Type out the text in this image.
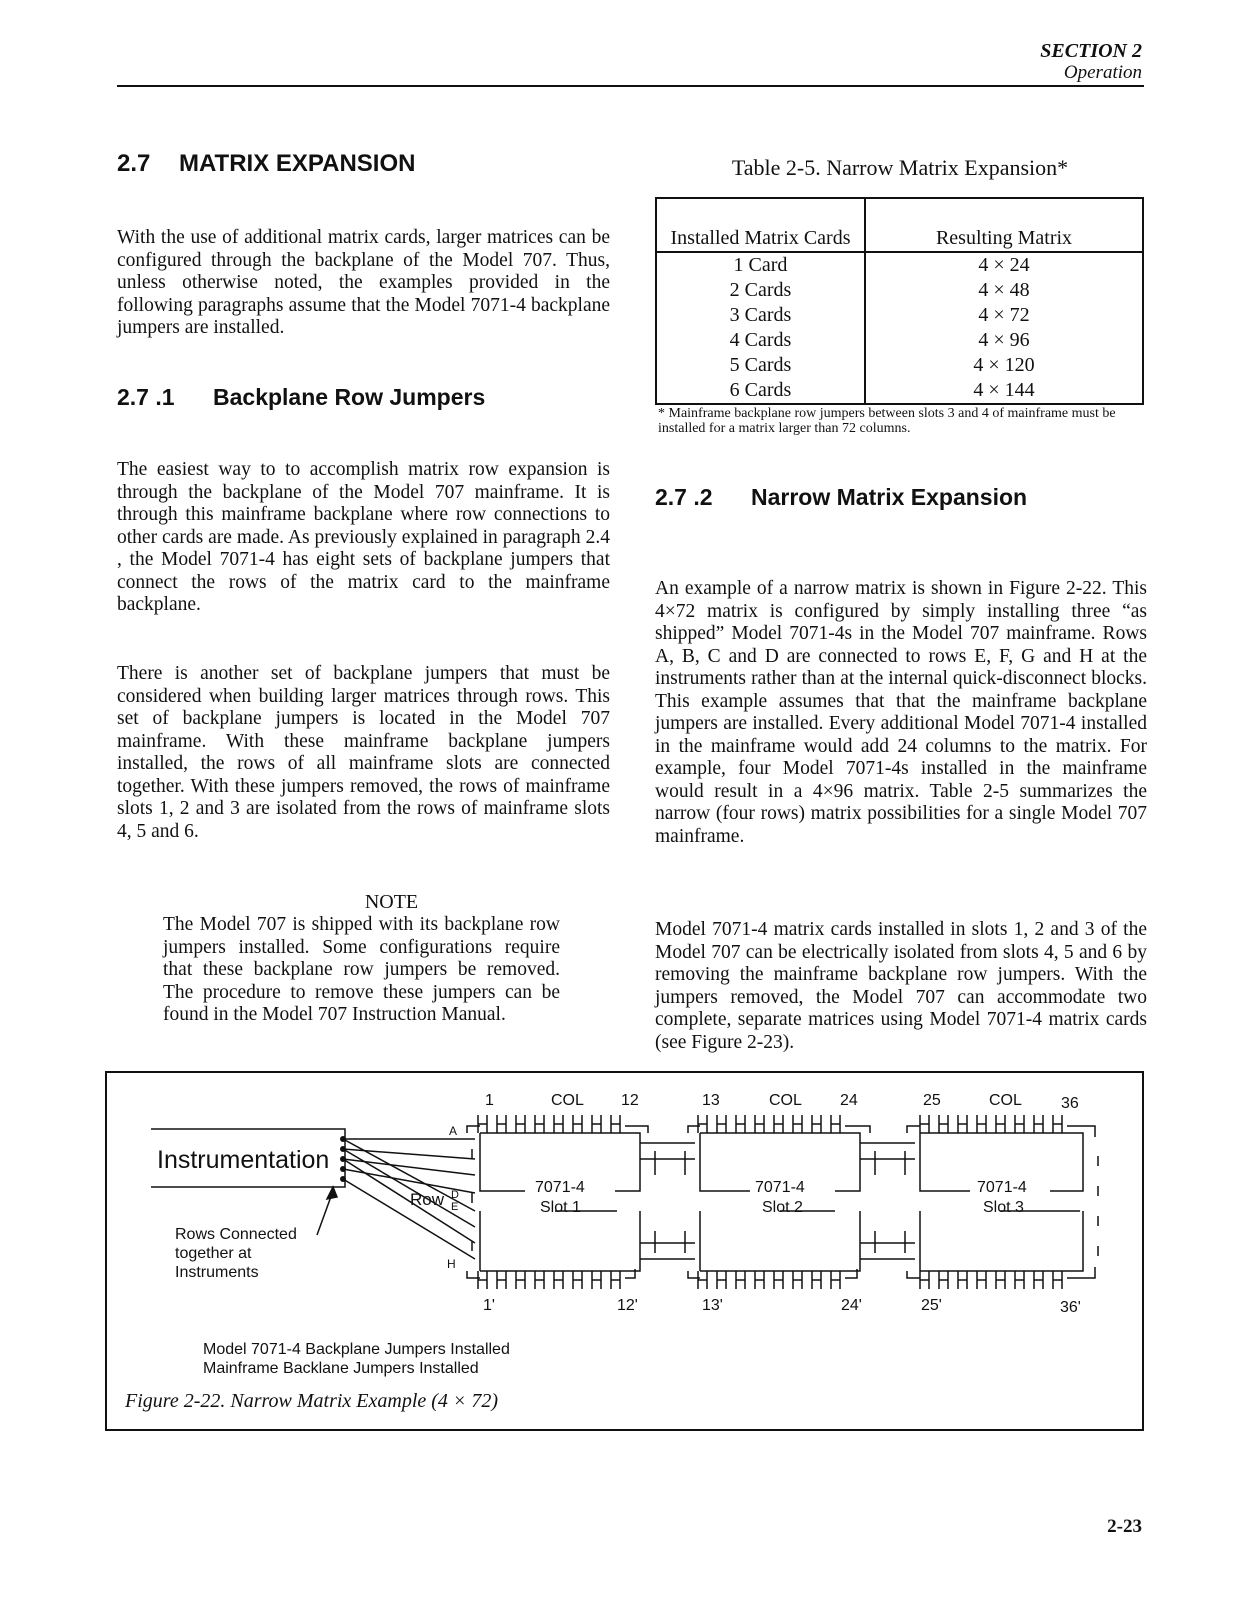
SECTION 2
Operation
2.7 MATRIX EXPANSION

With the use of additional matrix cards, larger matrices can be configured through the backplane of the Model 707. Thus, unless otherwise noted, the examples provided in the following paragraphs assume that the Model 7071-4 backplane jumpers are installed.

2.7 .1 Backplane Row Jumpers

The easiest way to to accomplish matrix row expansion is through the backplane of the Model 707 mainframe. It is through this mainframe backplane where row connections to other cards are made. As previously explained in paragraph 2.4 , the Model 7071-4 has eight sets of backplane jumpers that connect the rows of the matrix card to the mainframe backplane.

There is another set of backplane jumpers that must be considered when building larger matrices through rows. This set of backplane jumpers is located in the Model 707 mainframe. With these mainframe backplane jumpers installed, the rows of all mainframe slots are connected together. With these jumpers removed, the rows of mainframe slots 1, 2 and 3 are isolated from the rows of mainframe slots 4, 5 and 6.

NOTE

The Model 707 is shipped with its backplane row jumpers installed. Some configurations require that these backplane row jumpers be removed. The procedure to remove these jumpers can be found in the Model 707 Instruction Manual.

Table 2-5. Narrow Matrix Expansion*
Installed Matrix Cards	Resulting Matrix
1 Card	4 × 24
2 Cards	4 × 48
3 Cards	4 × 72
4 Cards	4 × 96
5 Cards	4 × 120
6 Cards	4 × 144
* Mainframe backplane row jumpers between slots 3 and 4 of mainframe must be installed for a matrix larger than 72 columns.
2.7 .2 Narrow Matrix Expansion

An example of a narrow matrix is shown in Figure 2-22. This 4×72 matrix is configured by simply installing three “as shipped” Model 7071-4s in the Model 707 mainframe. Rows A, B, C and D are connected to rows E, F, G and H at the instruments rather than at the internal quick-disconnect blocks. This example assumes that that the mainframe backplane jumpers are installed. Every additional Model 7071-4 installed in the mainframe would add 24 columns to the matrix. For example, four Model 7071-4s installed in the mainframe would result in a 4×96 matrix. Table 2-5 summarizes the narrow (four rows) matrix possibilities for a single Model 707 mainframe.

Model 7071-4 matrix cards installed in slots 1, 2 and 3 of the Model 707 can be electrically isolated from slots 4, 5 and 6 by removing the mainframe backplane row jumpers. With the jumpers removed, the Model 707 can accommodate two complete, separate matrices using Model 7071-4 matrix cards (see Figure 2-23).

Instrumentation
Rows Connected
together at
Instruments
Row
A
D
E
H
7071-4
Slot 1
1	COL 12
1'	12'
7071-4
Slot 2
13	COL 24
13'	24'
7071-4
Slot 3
25	COL 36
25'	36'
Model 7071-4 Backplane Jumpers Installed
Mainframe Backlane Jumpers Installed
Figure 2-22. Narrow Matrix Example (4 × 72)
2-23
